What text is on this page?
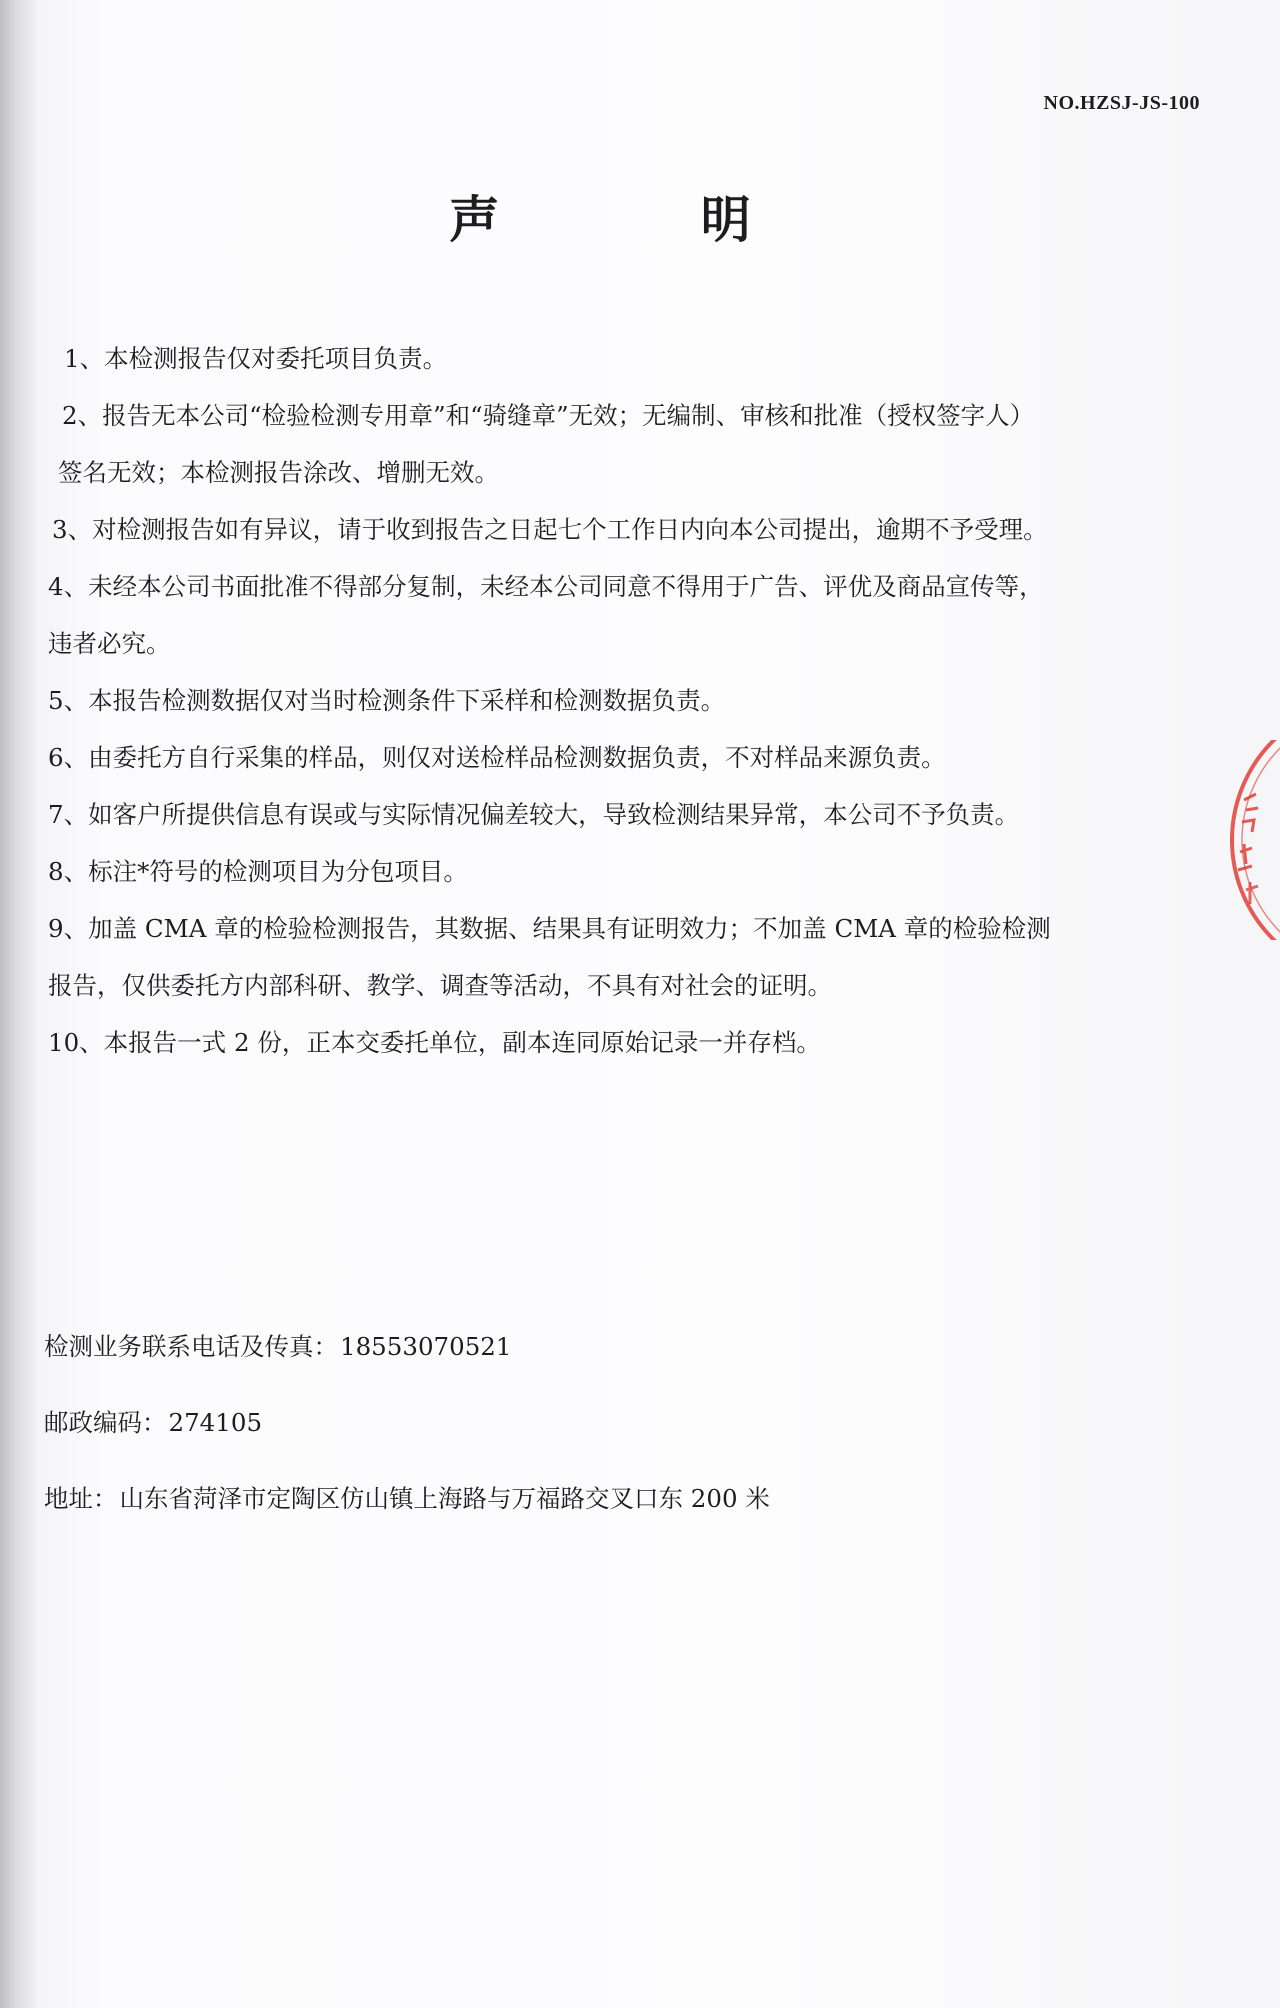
NO.HZSJ-JS-100
声 明

1、本检测报告仅对委托项目负责。

2、报告无本公司“检验检测专用章”和“骑缝章”无效；无编制、审核和批准（授权签字人）

签名无效；本检测报告涂改、增删无效。

3、对检测报告如有异议，请于收到报告之日起七个工作日内向本公司提出，逾期不予受理。

4、未经本公司书面批准不得部分复制，未经本公司同意不得用于广告、评优及商品宣传等，

违者必究。

5、本报告检测数据仅对当时检测条件下采样和检测数据负责。

6、由委托方自行采集的样品，则仅对送检样品检测数据负责，不对样品来源负责。

7、如客户所提供信息有误或与实际情况偏差较大，导致检测结果异常，本公司不予负责。

8、标注*符号的检测项目为分包项目。

9、加盖 CMA 章的检验检测报告，其数据、结果具有证明效力；不加盖 CMA 章的检验检测

报告，仅供委托方内部科研、教学、调查等活动，不具有对社会的证明。

10、本报告一式 2 份，正本交委托单位，副本连同原始记录一并存档。

检测业务联系电话及传真：18553070521
邮政编码：274105
地址：山东省菏泽市定陶区仿山镇上海路与万福路交叉口东 200 米
